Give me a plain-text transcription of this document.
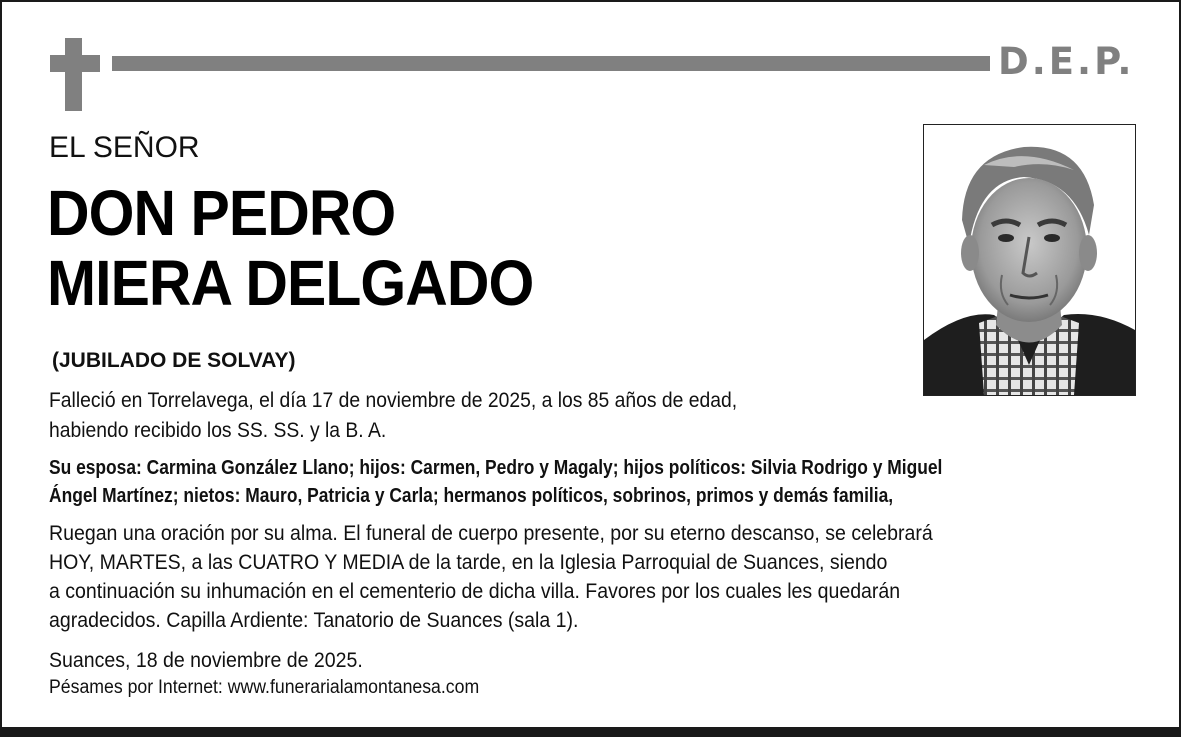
D.E.P.
EL SEÑOR
DON PEDRO
MIERA DELGADO
(JUBILADO DE SOLVAY)
Falleció en Torrelavega, el día 17 de noviembre de 2025, a los 85 años de edad,
habiendo recibido los SS. SS. y la B. A.
Su esposa: Carmina González Llano; hijos: Carmen, Pedro y Magaly; hijos políticos: Silvia Rodrigo y Miguel
Ángel Martínez; nietos: Mauro, Patricia y Carla; hermanos políticos, sobrinos, primos y demás familia,
Ruegan una oración por su alma. El funeral de cuerpo presente, por su eterno descanso, se celebrará
HOY, MARTES, a las CUATRO Y MEDIA de la tarde, en la Iglesia Parroquial de Suances, siendo
a continuación su inhumación en el cementerio de dicha villa. Favores por los cuales les quedarán
agradecidos. Capilla Ardiente: Tanatorio de Suances (sala 1).
Suances, 18 de noviembre de 2025.
Pésames por Internet: www.funerarialamontanesa.com
